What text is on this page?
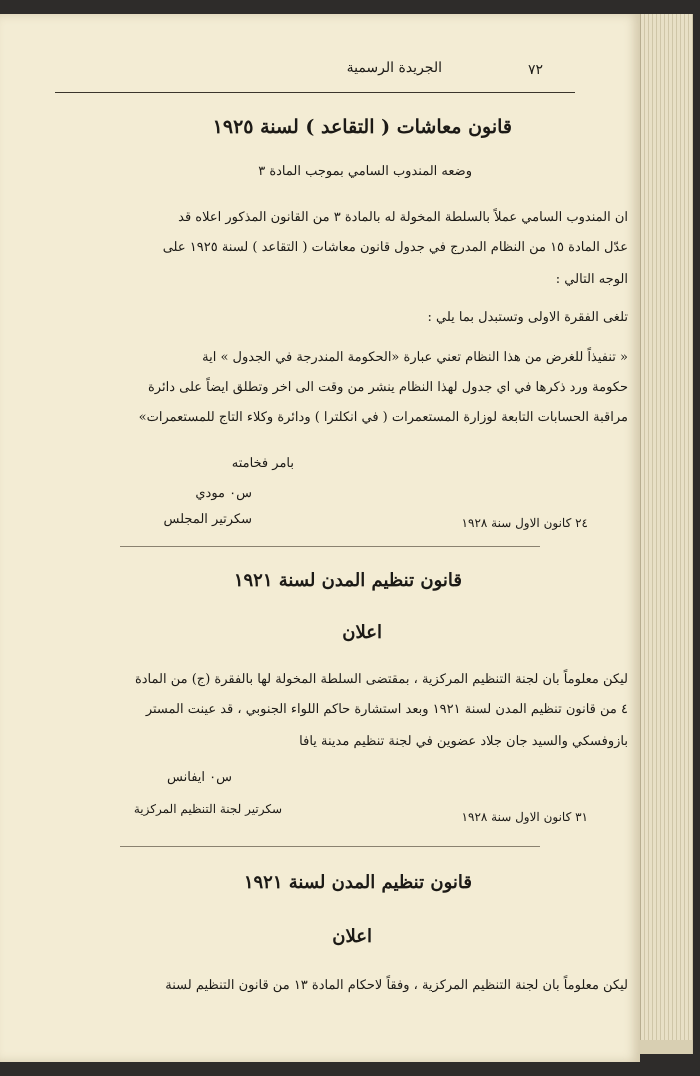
الجريدة الرسمية	٧٢
قانون معاشات ( التقاعد ) لسنة ١٩٢٥
وضعه المندوب السامي بموجب المادة ٣
ان المندوب السامي عملاً بالسلطة المخولة له بالمادة ٣ من القانون المذكور اعلاه قد
عدّل المادة ١٥ من النظام المدرج في جدول قانون معاشات ( التقاعد ) لسنة ١٩٢٥ على
الوجه التالي :
تلغى الفقرة الاولى وتستبدل بما يلي :
« تنفيذاً للغرض من هذا النظام تعني عبارة «الحكومة المندرجة في الجدول » اية
حكومة ورد ذكرها في اي جدول لهذا النظام ينشر من وقت الى اخر وتطلق ايضاً على دائرة
مراقبة الحسابات التابعة لوزارة المستعمرات ( في انكلترا ) ودائرة وكلاء التاج للمستعمرات»
بامر فخامته
س٠ مودي
سكرتير المجلس	٢٤ كانون الاول سنة ١٩٢٨
قانون تنظيم المدن لسنة ١٩٢١
اعلان
ليكن معلوماً بان لجنة التنظيم المركزية ، بمقتضى السلطة المخولة لها بالفقرة (ج) من المادة
٤ من قانون تنظيم المدن لسنة ١٩٢١ وبعد استشارة حاكم اللواء الجنوبي ، قد عينت المستر
بازوفسكي والسيد جان جلاد عضوين في لجنة تنظيم مدينة يافا
س٠ ايفانس
سكرتير لجنة التنظيم المركزية
٣١ كانون الاول سنة ١٩٢٨
قانون تنظيم المدن لسنة ١٩٢١
اعلان
ليكن معلوماً بان لجنة التنظيم المركزية ، وفقاً لاحكام المادة ١٣ من قانون التنظيم لسنة
